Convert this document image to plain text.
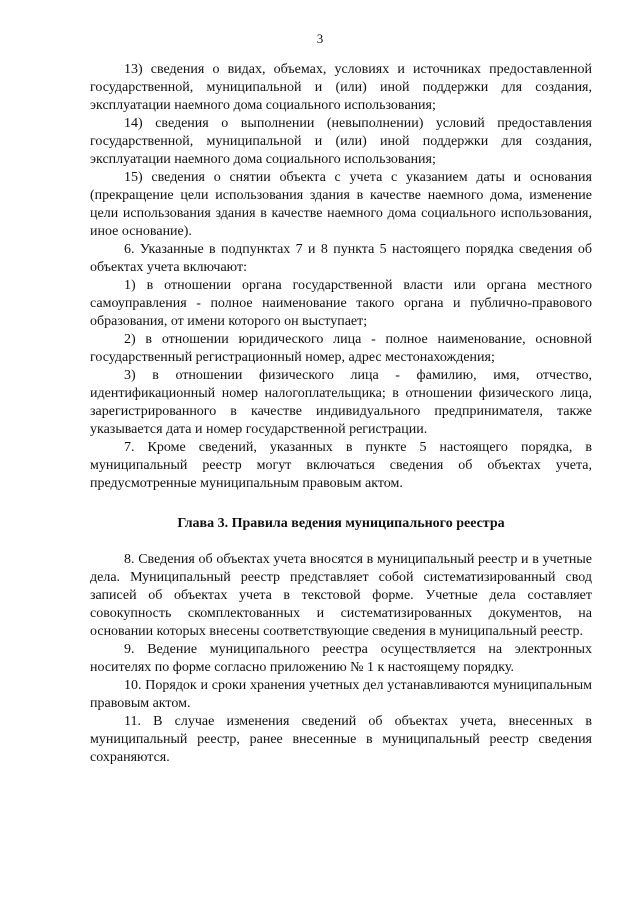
3

13) сведения о видах, объемах, условиях и источниках предоставленной государственной, муниципальной и (или) иной поддержки для создания, эксплуатации наемного дома социального использования;

14) сведения о выполнении (невыполнении) условий предоставления государственной, муниципальной и (или) иной поддержки для создания, эксплуатации наемного дома социального использования;

15) сведения о снятии объекта с учета с указанием даты и основания (прекращение цели использования здания в качестве наемного дома, изменение цели использования здания в качестве наемного дома социального использования, иное основание).

6. Указанные в подпунктах 7 и 8 пункта 5 настоящего порядка сведения об объектах учета включают:

1) в отношении органа государственной власти или органа местного самоуправления - полное наименование такого органа и публично-правового образования, от имени которого он выступает;

2) в отношении юридического лица - полное наименование, основной государственный регистрационный номер, адрес местонахождения;

3) в отношении физического лица - фамилию, имя, отчество, идентификационный номер налогоплательщика; в отношении физического лица, зарегистрированного в качестве индивидуального предпринимателя, также указывается дата и номер государственной регистрации.

7. Кроме сведений, указанных в пункте 5 настоящего порядка, в муниципальный реестр могут включаться сведения об объектах учета, предусмотренные муниципальным правовым актом.

Глава 3. Правила ведения муниципального реестра

8. Сведения об объектах учета вносятся в муниципальный реестр и в учетные дела. Муниципальный реестр представляет собой систематизированный свод записей об объектах учета в текстовой форме. Учетные дела составляет совокупность скомплектованных и систематизированных документов, на основании которых внесены соответствующие сведения в муниципальный реестр.

9. Ведение муниципального реестра осуществляется на электронных носителях по форме согласно приложению № 1 к настоящему порядку.

10. Порядок и сроки хранения учетных дел устанавливаются муниципальным правовым актом.

11. В случае изменения сведений об объектах учета, внесенных в муниципальный реестр, ранее внесенные в муниципальный реестр сведения сохраняются.
